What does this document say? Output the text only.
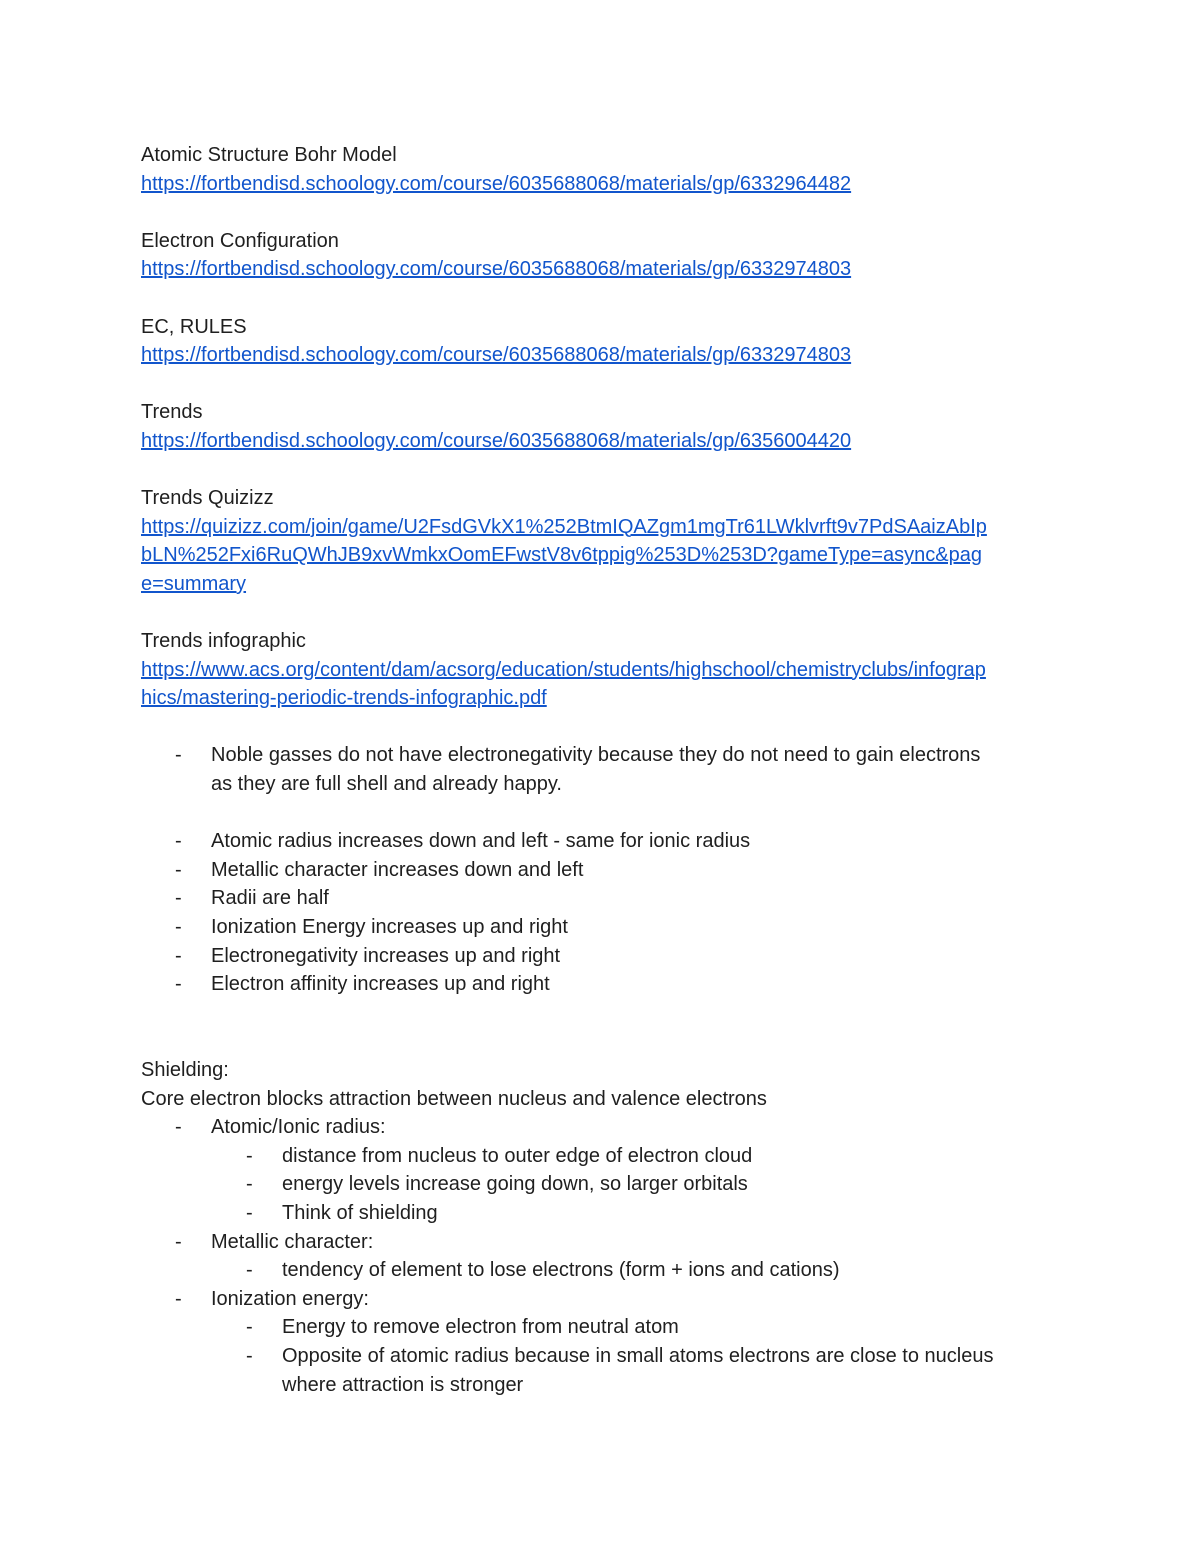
Atomic Structure Bohr Model
https://fortbendisd.schoology.com/course/6035688068/materials/gp/6332964482
Electron Configuration
https://fortbendisd.schoology.com/course/6035688068/materials/gp/6332974803
EC, RULES
https://fortbendisd.schoology.com/course/6035688068/materials/gp/6332974803
Trends
https://fortbendisd.schoology.com/course/6035688068/materials/gp/6356004420
Trends Quizizz
https://quizizz.com/join/game/U2FsdGVkX1%252BtmIQAZgm1mgTr61LWklvrft9v7PdSAaizAbIp
bLN%252Fxi6RuQWhJB9xvWmkxOomEFwstV8v6tppig%253D%253D?gameType=async&pag
e=summary
Trends infographic
https://www.acs.org/content/dam/acsorg/education/students/highschool/chemistryclubs/infograp
hics/mastering-periodic-trends-infographic.pdf
- Noble gasses do not have electronegativity because they do not need to gain electrons
as they are full shell and already happy.
- Atomic radius increases down and left - same for ionic radius
- Metallic character increases down and left
- Radii are half
- Ionization Energy increases up and right
- Electronegativity increases up and right
- Electron affinity increases up and right
Shielding:
Core electron blocks attraction between nucleus and valence electrons
- Atomic/Ionic radius:
- distance from nucleus to outer edge of electron cloud
- energy levels increase going down, so larger orbitals
- Think of shielding
- Metallic character:
- tendency of element to lose electrons (form + ions and cations)
- Ionization energy:
- Energy to remove electron from neutral atom
- Opposite of atomic radius because in small atoms electrons are close to nucleus
where attraction is stronger
